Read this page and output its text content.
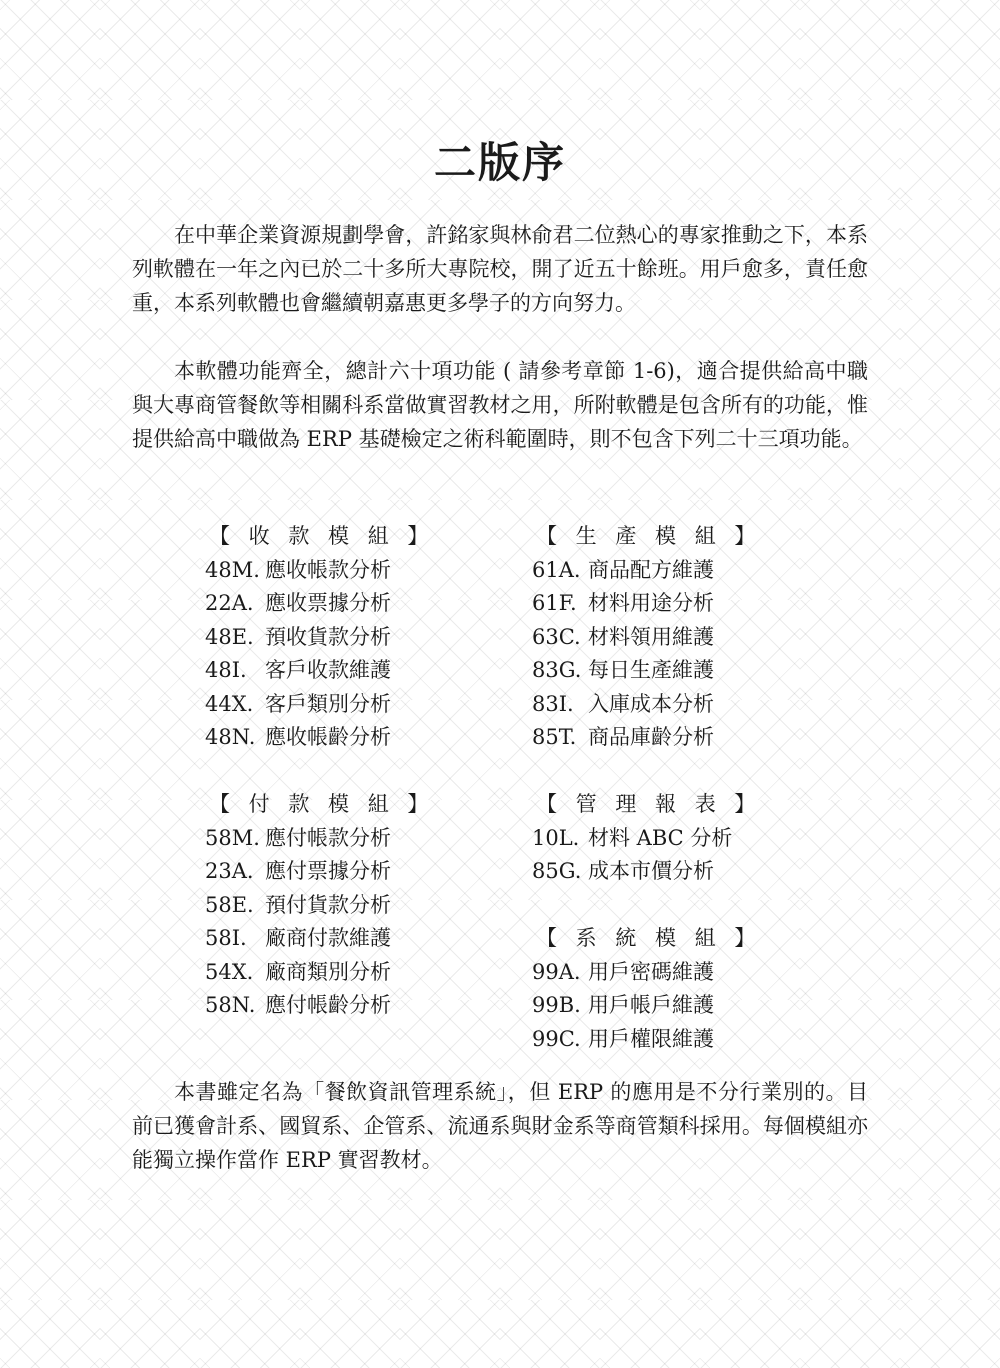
二版序

在中華企業資源規劃學會，許銘家與林俞君二位熱心的專家推動之下，本系列軟體在一年之內已於二十多所大專院校，開了近五十餘班。用戶愈多，責任愈重，本系列軟體也會繼續朝嘉惠更多學子的方向努力。

本軟體功能齊全，總計六十項功能 ( 請參考章節 1-6)，適合提供給高中職與大專商管餐飲等相關科系當做實習教材之用，所附軟體是包含所有的功能，惟提供給高中職做為 ERP 基礎檢定之術科範圍時，則不包含下列二十三項功能。

【 收 款 模 組 】
48M. 應收帳款分析
22A. 應收票據分析
48E. 預收貨款分析
48I. 客戶收款維護
44X. 客戶類別分析
48N. 應收帳齡分析
【 付 款 模 組 】
58M. 應付帳款分析
23A. 應付票據分析
58E. 預付貨款分析
58I. 廠商付款維護
54X. 廠商類別分析
58N. 應付帳齡分析
【 生 產 模 組 】
61A. 商品配方維護
61F. 材料用途分析
63C. 材料領用維護
83G. 每日生產維護
83I. 入庫成本分析
85T. 商品庫齡分析
【 管 理 報 表 】
10L. 材料 ABC 分析
85G. 成本市價分析
【 系 統 模 組 】
99A. 用戶密碼維護
99B. 用戶帳戶維護
99C. 用戶權限維護

本書雖定名為「餐飲資訊管理系統」，但 ERP 的應用是不分行業別的。目前已獲會計系、國貿系、企管系、流通系與財金系等商管類科採用。每個模組亦能獨立操作當作 ERP 實習教材。
